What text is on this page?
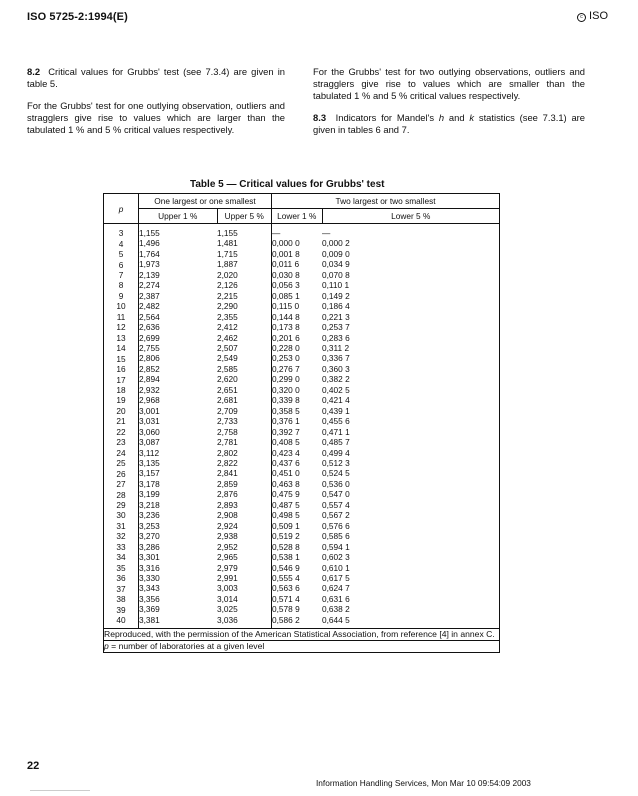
ISO 5725-2:1994(E)	c ISO

8.2 Critical values for Grubbs' test (see 7.3.4) are given in table 5.

For the Grubbs' test for one outlying observation, outliers and stragglers give rise to values which are larger than the tabulated 1 % and 5 % critical values respectively.

For the Grubbs' test for two outlying observations, outliers and stragglers give rise to values which are smaller than the tabulated 1 % and 5 % critical values respectively.

8.3 Indicators for Mandel's h and k statistics (see 7.3.1) are given in tables 6 and 7.

Table 5 — Critical values for Grubbs' test
p	One largest or one smallest		Two largest or two smallest	
	Upper 1 %	Upper 5 %	Lower 1 %	Lower 5 %
3	1,155	1,155	—	—
4	1,496	1,481	0,000 0	0,000 2
5	1,764	1,715	0,001 8	0,009 0
6	1,973	1,887	0,011 6	0,034 9
7	2,139	2,020	0,030 8	0,070 8
8	2,274	2,126	0,056 3	0,110 1
9	2,387	2,215	0,085 1	0,149 2
10	2,482	2,290	0,115 0	0,186 4
11	2,564	2,355	0,144 8	0,221 3
12	2,636	2,412	0,173 8	0,253 7
13	2,699	2,462	0,201 6	0,283 6
14	2,755	2,507	0,228 0	0,311 2
15	2,806	2,549	0,253 0	0,336 7
16	2,852	2,585	0,276 7	0,360 3
17	2,894	2,620	0,299 0	0,382 2
18	2,932	2,651	0,320 0	0,402 5
19	2,968	2,681	0,339 8	0,421 4
20	3,001	2,709	0,358 5	0,439 1
21	3,031	2,733	0,376 1	0,455 6
22	3,060	2,758	0,392 7	0,471 1
23	3,087	2,781	0,408 5	0,485 7
24	3,112	2,802	0,423 4	0,499 4
25	3,135	2,822	0,437 6	0,512 3
26	3,157	2,841	0,451 0	0,524 5
27	3,178	2,859	0,463 8	0,536 0
28	3,199	2,876	0,475 9	0,547 0
29	3,218	2,893	0,487 5	0,557 4
30	3,236	2,908	0,498 5	0,567 2
31	3,253	2,924	0,509 1	0,576 6
32	3,270	2,938	0,519 2	0,585 6
33	3,286	2,952	0,528 8	0,594 1
34	3,301	2,965	0,538 1	0,602 3
35	3,316	2,979	0,546 9	0,610 1
36	3,330	2,991	0,555 4	0,617 5
37	3,343	3,003	0,563 6	0,624 7
38	3,356	3,014	0,571 4	0,631 6
39	3,369	3,025	0,578 9	0,638 2
40	3,381	3,036	0,586 2	0,644 5
Reproduced, with the permission of the American Statistical Association, from reference [4] in annex C.				
p = number of laboratories at a given level				
22
Information Handling Services, Mon Mar 10 09:54:09 2003
